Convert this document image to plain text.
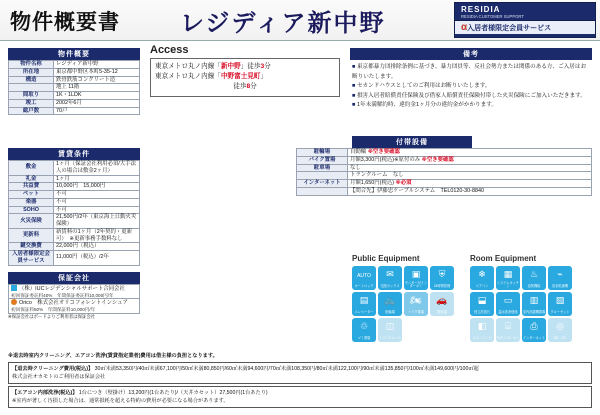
物件概要書	レジディア新中野	RESIDIA
RESIDIA CUSTOMER SUPPORT
α入居者様限定会員サービス
物件概要
物件名称	レジディア新中野
所在地	東京都中野区本町5-35-12
構造	鉄骨鉄筋コンクリート造
	地上 11階
間取り	1K・1LDK
竣工	2002年6月
総戸数	70戸
賃貸条件
敷金	1ヶ月（保証会社利用必須/大手法人の場合は敷金2ヶ月）
礼金	1ヶ月
共益費	10,000円　15,000円
ペット	不可
楽器	不可
SOHO	不可
火災保険	21,500円/2年（東京海上日動火災保険）
更新料	新賃料の1ヶ月（2年契約・更新可）　※更新事務手数料なし
鍵交換費	22,000円（税込）
入居者様限定会員サービス	11,000円（税込）/2年
保証会社
（株）IUCレジデンシャルサポート合同会社
初回保証委託料40%　年間保証委託料10,000円/年

Orico　株式会社オリコフォレントインシュア
初回保証料50%　年間保証料10,000円/年
※保証会社はボードよりご利用者は保証会社
Access
東京メトロ丸ノ内線「新中野」徒歩3分
東京メトロ丸ノ内線「中野富士見町」
徒歩8分
備考
■ 東京都暴力団排除条例に基づき、暴力団員等、反社会勢力または関係のある方、ご入居はお断りいたします。
■ セカンドハウスとしてのご利用はお断りいたします。
■ 損害入居者賠償責任保険及び借家人賠償責任保険付帯した火災保険にご加入いただきます。
■ 1年未満解約時、違約金1ヶ月分の違約金がかかります。
付帯設備
駐輪場	自動輪 ※空き要確認
バイク置場	月額3,300円(税込)※原付のみ ※空き要確認
駐車場	なし
	トランクルーム　なし
インターネット	月額1,650円(税込) ※必須
	【問合先】伊藤忠ケーブルシステム　TEL0120-30-8840
Public Equipment
AUTO
オートロック
✉
宅配ボックス
▣
モニター付インターホン
⛨
24時間管理
▤
エレベーター
🚲
駐輪場
🏍
バイク置場
🚗
駐車場
♲
ゴミ置場
◫
トランクルーム
Room Equipment
❄
エアコン
▦
システムキッチン
♨
追焚機能
⌁
浴室乾燥機
⬓
独立洗面台
▭
温水洗浄便座
▥
室内洗濯機置場
▧
クローゼット
◧
フローリング
⌸
TVモニターホン
⎙
インターネット
◎
BS・CS
※退去時室内クリーニング、エアコン洗浄(賃貸指定業者)費用は借主様の負担となります。
【退去時クリーニング費用(税込)】 30㎡未満53,350円/40㎡未満67,100円/50㎡未満80,850円/60㎡未満94,600円/70㎡未満108,350円/80㎡未満122,100円/90㎡未満135,850円/100㎡未満149,600円/100㎡超
株式会社オカモトのご利用者は保証会社
【エアコン内部洗浄(税込)】 1台につき（壁掛け）13,200円(1台あたり)/（天井カセット）27,500円(1台あたり)
※室内が著しく汚損した場合は、通常損耗を超える特約の費用が必要になる場合があります。
